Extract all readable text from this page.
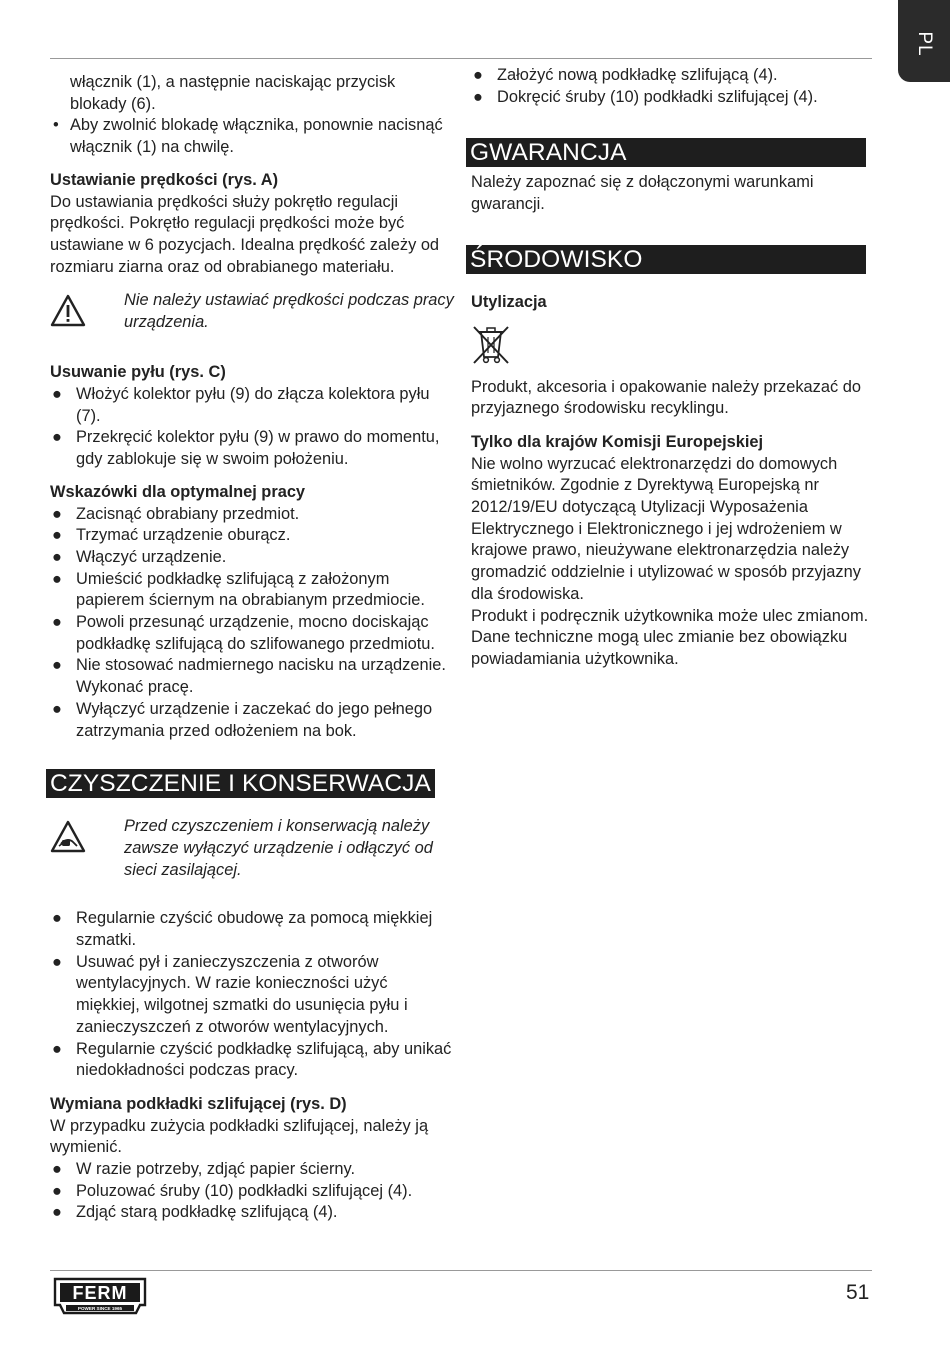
PL

włącznik (1), a następnie naciskając przycisk blokady (6).

• Aby zwolnić blokadę włącznika, ponownie nacisnąć włącznik (1) na chwilę.

Ustawianie prędkości (rys. A)

Do ustawiania prędkości służy pokrętło regulacji prędkości. Pokrętło regulacji prędkości może być ustawiane w 6 pozycjach. Idealna prędkość zależy od rozmiaru ziarna oraz od obrabianego materiału.

Nie należy ustawiać prędkości podczas pracy urządzenia.

Usuwanie pyłu (rys. C)

● Włożyć kolektor pyłu (9) do złącza kolektora pyłu (7).
● Przekręcić kolektor pyłu (9) w prawo do momentu, gdy zablokuje się w swoim położeniu.

Wskazówki dla optymalnej pracy

● Zacisnąć obrabiany przedmiot.
● Trzymać urządzenie oburącz.
● Włączyć urządzenie.
● Umieścić podkładkę szlifującą z założonym papierem ściernym na obrabianym przedmiocie.
● Powoli przesunąć urządzenie, mocno dociskając podkładkę szlifującą do szlifowanego przedmiotu.
● Nie stosować nadmiernego nacisku na urządzenie. Wykonać pracę.
● Wyłączyć urządzenie i zaczekać do jego pełnego zatrzymania przed odłożeniem na bok.
CZYSZCZENIE I KONSERWACJA

Przed czyszczeniem i konserwacją należy zawsze wyłączyć urządzenie i odłączyć od sieci zasilającej.

● Regularnie czyścić obudowę za pomocą miękkiej szmatki.
● Usuwać pył i zanieczyszczenia z otworów wentylacyjnych. W razie konieczności użyć miękkiej, wilgotnej szmatki do usunięcia pyłu i zanieczyszczeń z otworów wentylacyjnych.
● Regularnie czyścić podkładkę szlifującą, aby unikać niedokładności podczas pracy.

Wymiana podkładki szlifującej (rys. D)

W przypadku zużycia podkładki szlifującej, należy ją wymienić.

● W razie potrzeby, zdjąć papier ścierny.
● Poluzować śruby (10) podkładki szlifującej (4).
● Zdjąć starą podkładkę szlifującą (4).
● Założyć nową podkładkę szlifującą (4).
● Dokręcić śruby (10) podkładki szlifującej (4).
GWARANCJA

Należy zapoznać się z dołączonymi warunkami gwarancji.

ŚRODOWISKO

Utylizacja

Produkt, akcesoria i opakowanie należy przekazać do przyjaznego środowisku recyklingu.

Tylko dla krajów Komisji Europejskiej

Nie wolno wyrzucać elektronarzędzi do domowych śmietników. Zgodnie z Dyrektywą Europejską nr 2012/19/EU dotyczącą Utylizacji Wyposażenia Elektrycznego i Elektronicznego i jej wdrożeniem w krajowe prawo, nieużywane elektronarzędzia należy gromadzić oddzielnie i utylizować w sposób przyjazny dla środowiska.

Produkt i podręcznik użytkownika może ulec zmianom. Dane techniczne mogą ulec zmianie bez obowiązku powiadamiania użytkownika.

FERM
POWER SINCE 1965
51
